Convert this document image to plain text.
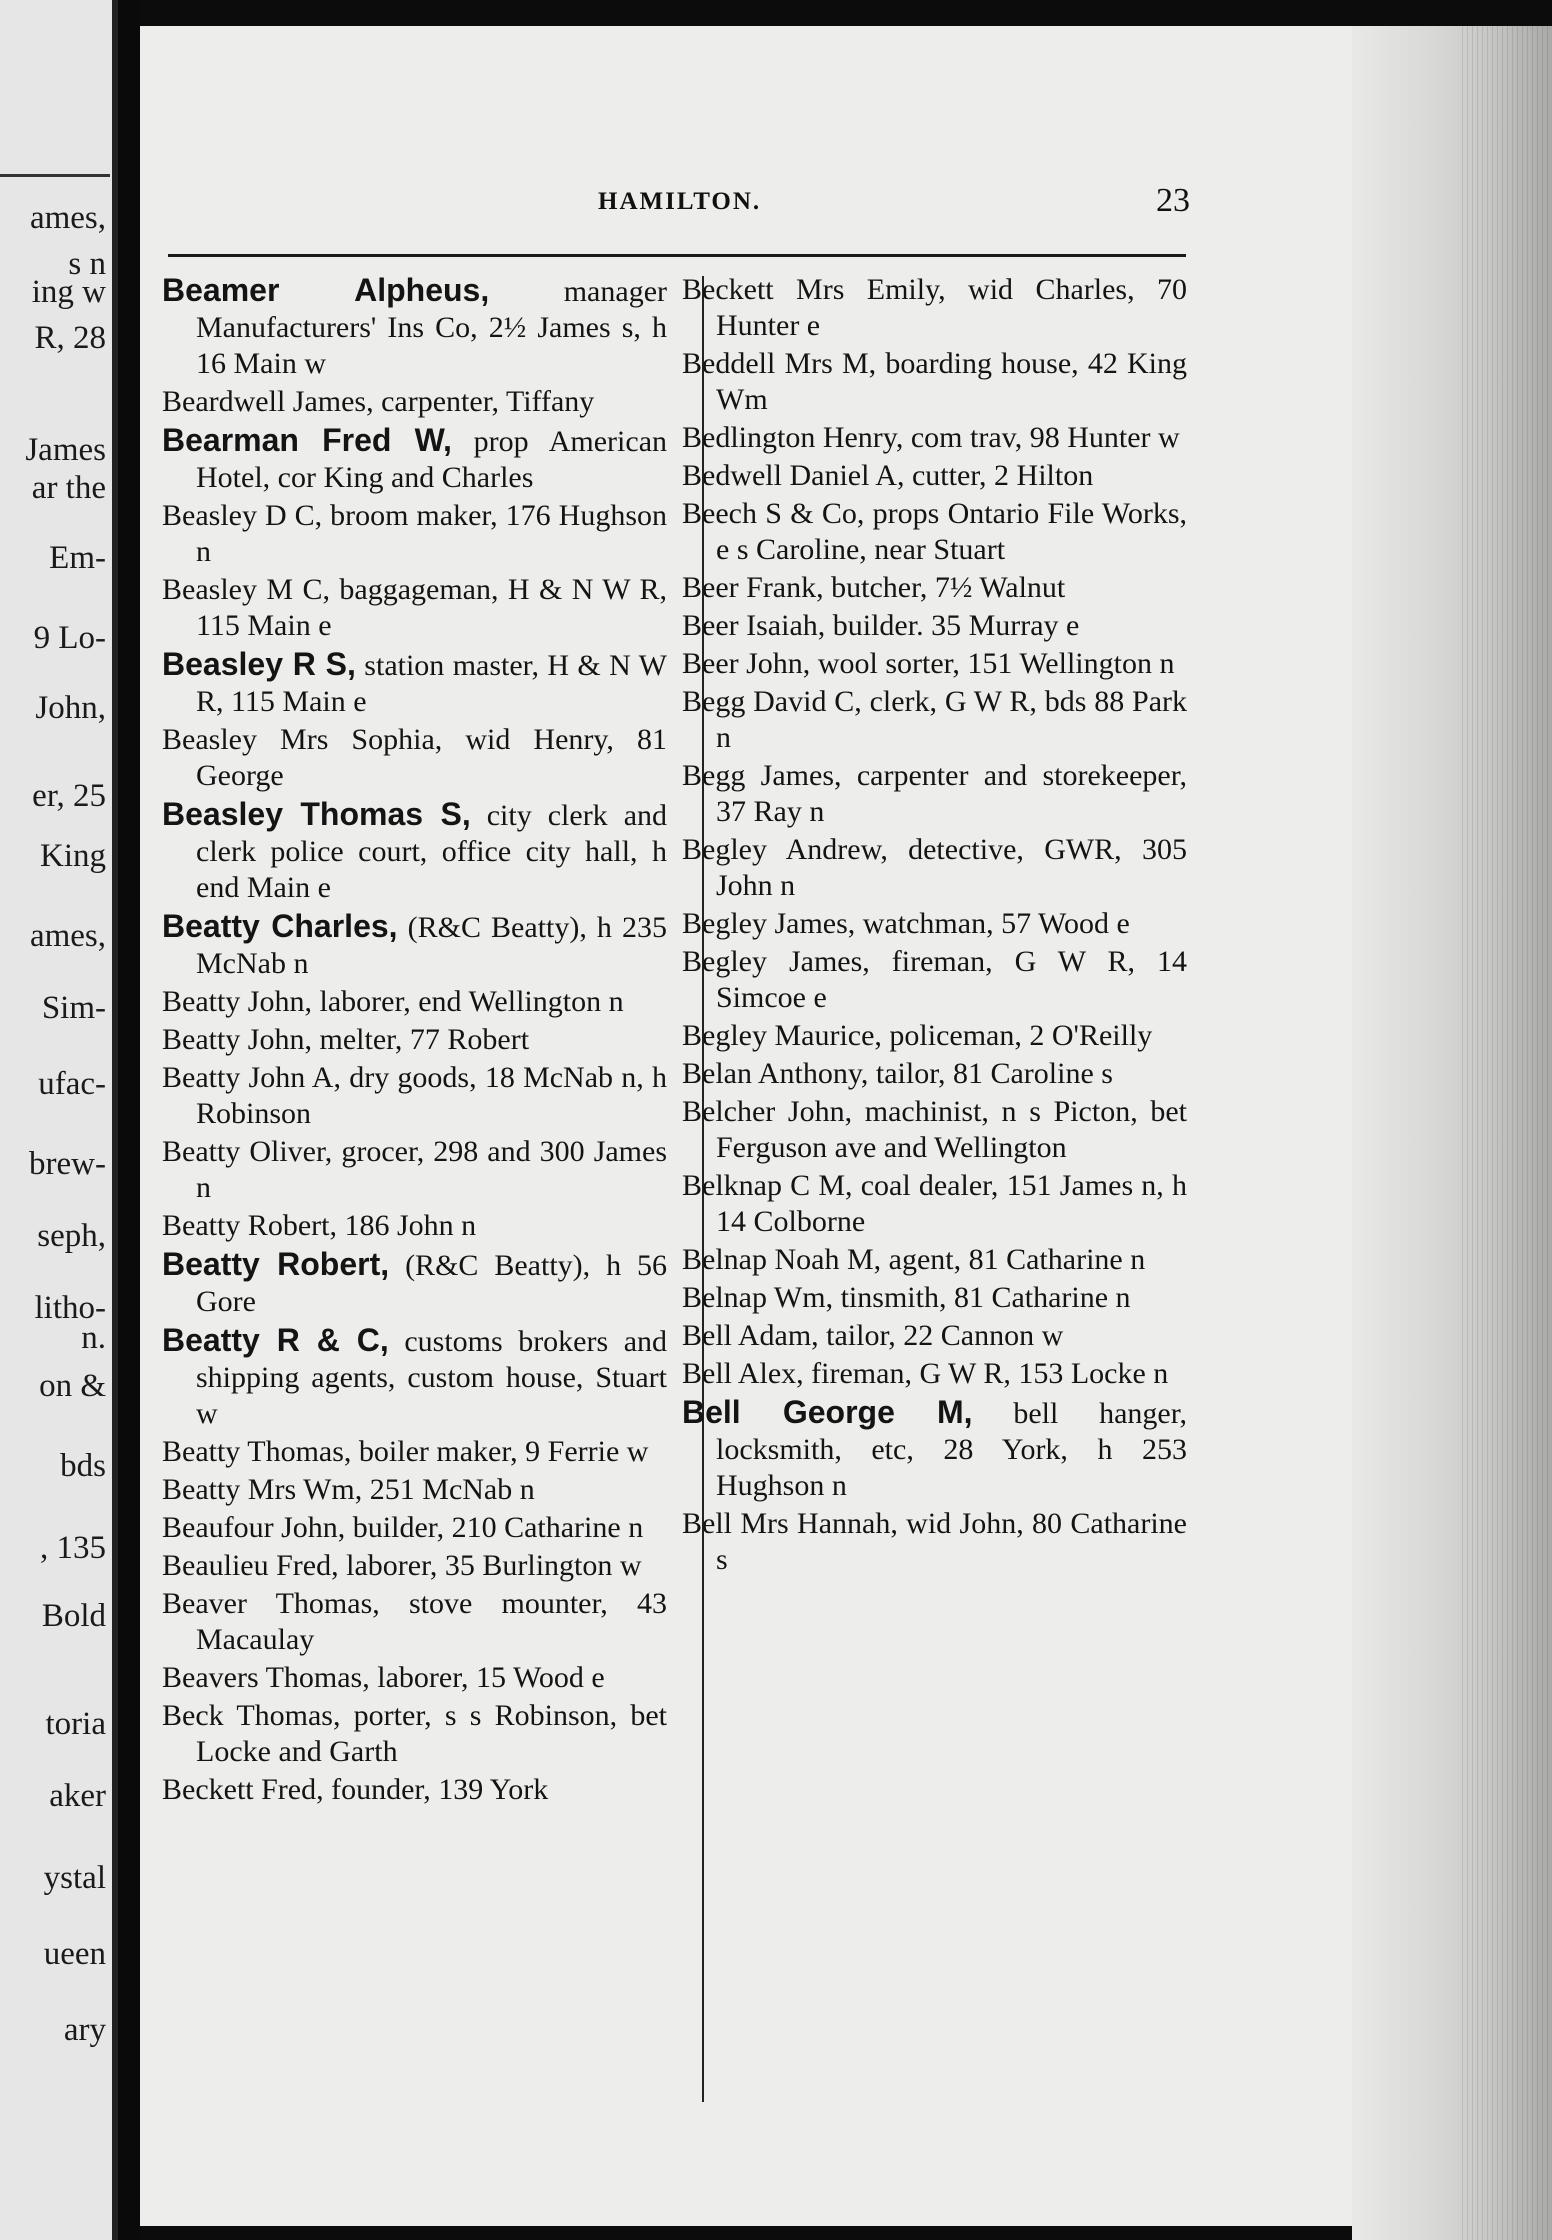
ames,
s n
ing w
R, 28
James
ar the
Em-
9 Lo-
John,
er, 25
King
ames,
Sim-
ufac-
brew-
seph,
litho-
n.
on &
bds
, 135
Bold
toria
aker
ystal
ueen
ary
HAMILTON.	23
Beamer Alpheus, manager Manufacturers' Ins Co, 2½ James s, h 16 Main w
Beardwell James, carpenter, Tiffany
Bearman Fred W, prop American Hotel, cor King and Charles
Beasley D C, broom maker, 176 Hughson n
Beasley M C, baggageman, H & N W R, 115 Main e
Beasley R S, station master, H & N W R, 115 Main e
Beasley Mrs Sophia, wid Henry, 81 George
Beasley Thomas S, city clerk and clerk police court, office city hall, h end Main e
Beatty Charles, (R&C Beatty), h 235 McNab n
Beatty John, laborer, end Wellington n
Beatty John, melter, 77 Robert
Beatty John A, dry goods, 18 McNab n, h Robinson
Beatty Oliver, grocer, 298 and 300 James n
Beatty Robert, 186 John n
Beatty Robert, (R&C Beatty), h 56 Gore
Beatty R & C, customs brokers and shipping agents, custom house, Stuart w
Beatty Thomas, boiler maker, 9 Ferrie w
Beatty Mrs Wm, 251 McNab n
Beaufour John, builder, 210 Catharine n
Beaulieu Fred, laborer, 35 Burlington w
Beaver Thomas, stove mounter, 43 Macaulay
Beavers Thomas, laborer, 15 Wood e
Beck Thomas, porter, s s Robinson, bet Locke and Garth
Beckett Fred, founder, 139 York
Beckett Mrs Emily, wid Charles, 70 Hunter e
Beddell Mrs M, boarding house, 42 King Wm
Bedlington Henry, com trav, 98 Hunter w
Bedwell Daniel A, cutter, 2 Hilton
Beech S & Co, props Ontario File Works, e s Caroline, near Stuart
Beer Frank, butcher, 7½ Walnut
Beer Isaiah, builder. 35 Murray e
Beer John, wool sorter, 151 Wellington n
Begg David C, clerk, G W R, bds 88 Park n
Begg James, carpenter and storekeeper, 37 Ray n
Begley Andrew, detective, GWR, 305 John n
Begley James, watchman, 57 Wood e
Begley James, fireman, G W R, 14 Simcoe e
Begley Maurice, policeman, 2 O'Reilly
Belan Anthony, tailor, 81 Caroline s
Belcher John, machinist, n s Picton, bet Ferguson ave and Wellington
Belknap C M, coal dealer, 151 James n, h 14 Colborne
Belnap Noah M, agent, 81 Catharine n
Belnap Wm, tinsmith, 81 Catharine n
Bell Adam, tailor, 22 Cannon w
Bell Alex, fireman, G W R, 153 Locke n
Bell George M, bell hanger, locksmith, etc, 28 York, h 253 Hughson n
Bell Mrs Hannah, wid John, 80 Catharine s
